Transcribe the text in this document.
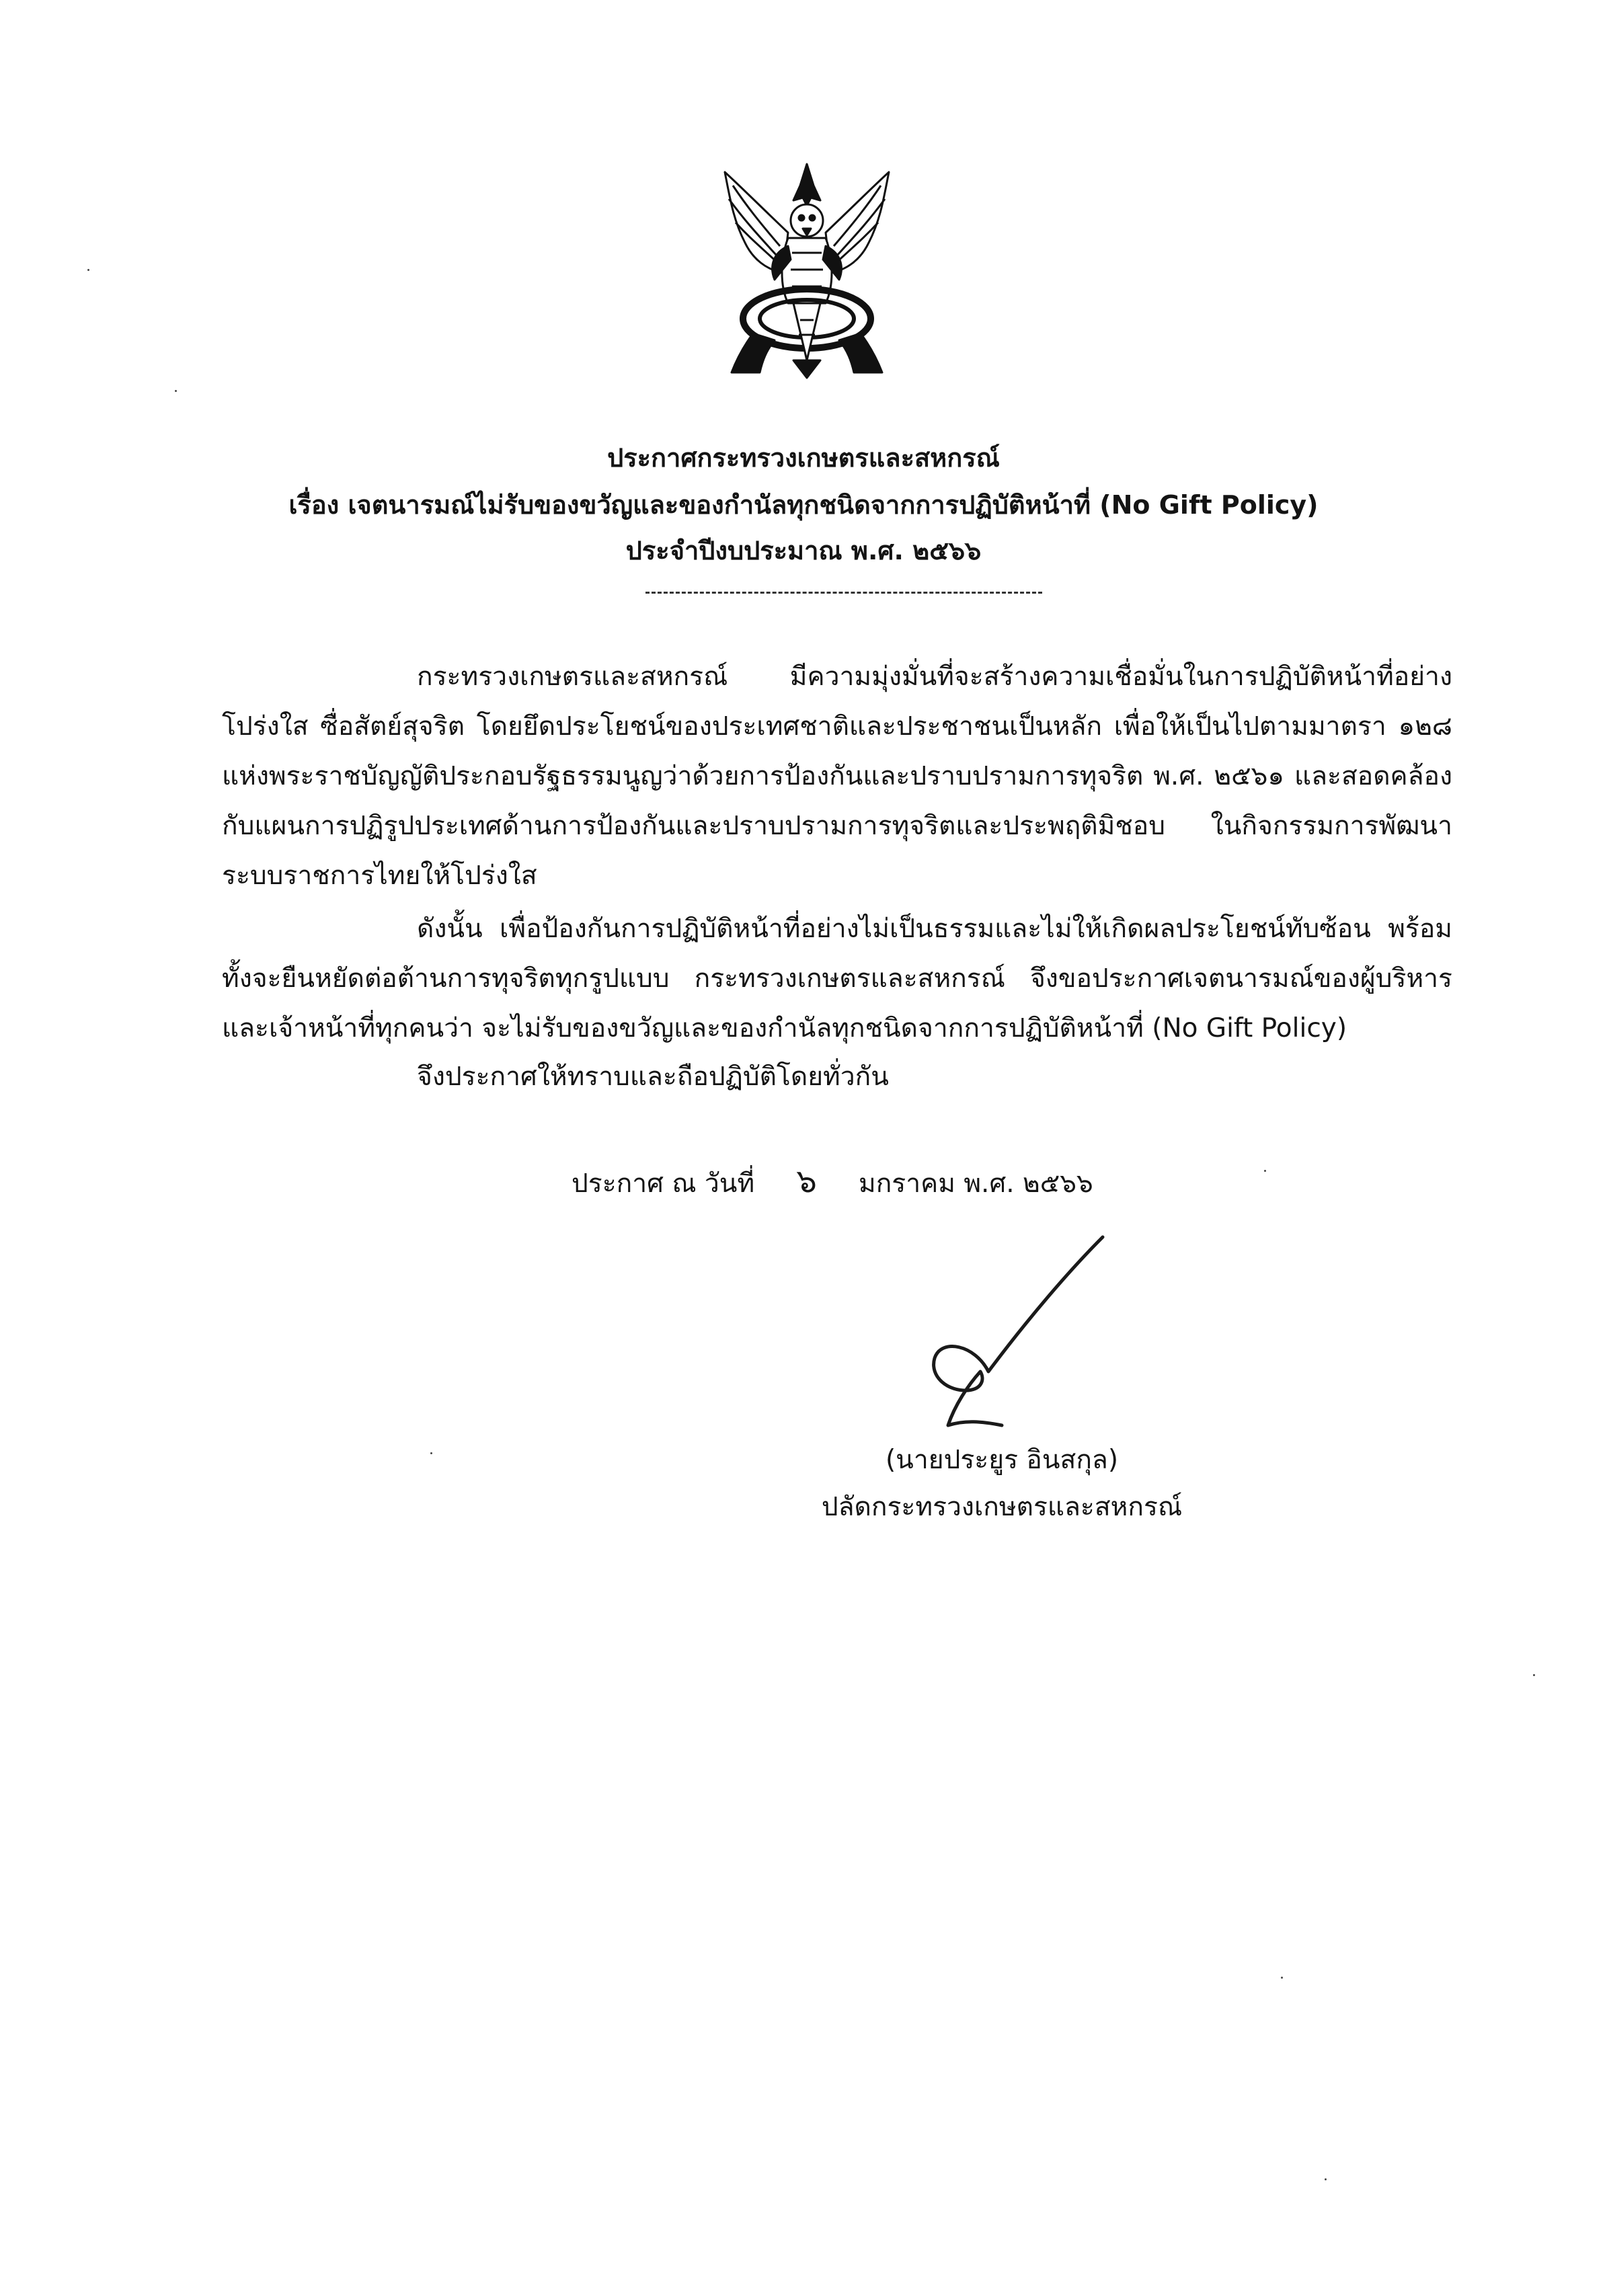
ประกาศกระทรวงเกษตรและสหกรณ์
เรื่อง เจตนารมณ์ไม่รับของขวัญและของกำนัลทุกชนิดจากการปฏิบัติหน้าที่ (No Gift Policy)
ประจำปีงบประมาณ พ.ศ. ๒๕๖๖
กระทรวงเกษตรและสหกรณ์ มีความมุ่งมั่นที่จะสร้างความเชื่อมั่นในการปฏิบัติหน้าที่อย่างโปร่งใส ซื่อสัตย์สุจริต โดยยึดประโยชน์ของประเทศชาติและประชาชนเป็นหลัก เพื่อให้เป็นไปตามมาตรา ๑๒๘ แห่งพระราชบัญญัติประกอบรัฐธรรมนูญว่าด้วยการป้องกันและปราบปรามการทุจริต พ.ศ. ๒๕๖๑ และสอดคล้องกับแผนการปฏิรูปประเทศด้านการป้องกันและปราบปรามการทุจริตและประพฤติมิชอบ ในกิจกรรมการพัฒนาระบบราชการไทยให้โปร่งใส
ดังนั้น เพื่อป้องกันการปฏิบัติหน้าที่อย่างไม่เป็นธรรมและไม่ให้เกิดผลประโยชน์ทับซ้อน พร้อมทั้งจะยืนหยัดต่อต้านการทุจริตทุกรูปแบบ กระทรวงเกษตรและสหกรณ์ จึงขอประกาศเจตนารมณ์ของผู้บริหารและเจ้าหน้าที่ทุกคนว่า จะไม่รับของขวัญและของกำนัลทุกชนิดจากการปฏิบัติหน้าที่ (No Gift Policy)
จึงประกาศให้ทราบและถือปฏิบัติโดยทั่วกัน
ประกาศ ณ วันที่ ๖ มกราคม พ.ศ. ๒๕๖๖
(นายประยูร อินสกุล)
ปลัดกระทรวงเกษตรและสหกรณ์
